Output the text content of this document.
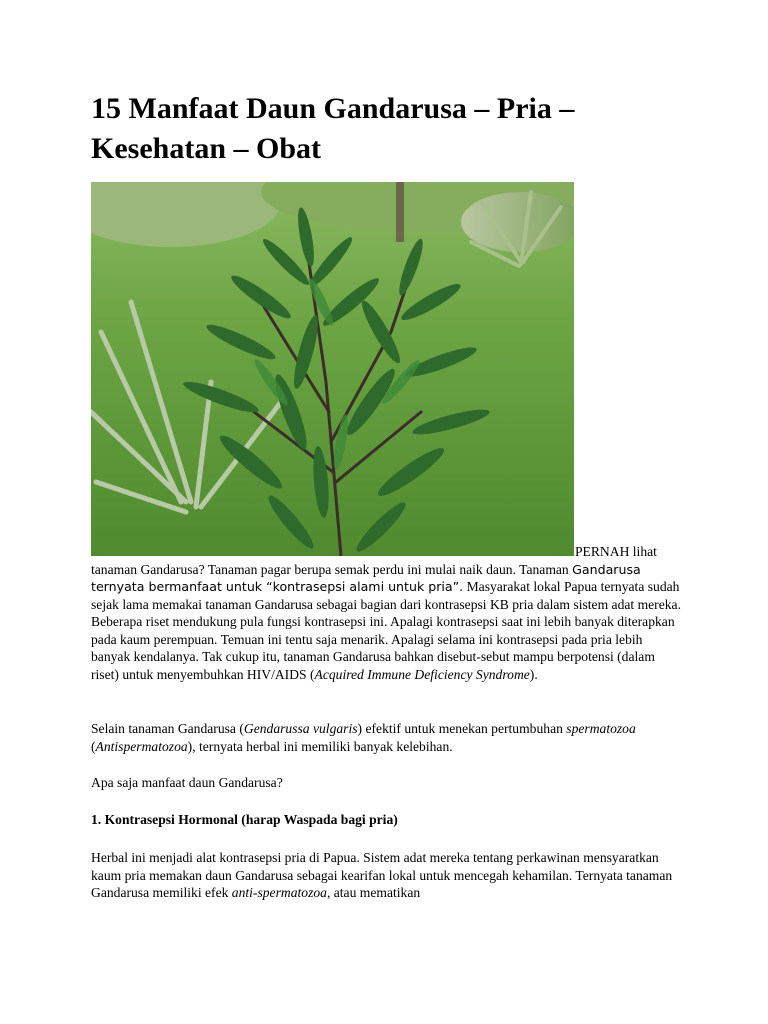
15 Manfaat Daun Gandarusa – Pria – Kesehatan – Obat
PERNAH lihat
tanaman Gandarusa? Tanaman pagar berupa semak perdu ini mulai naik daun. Tanaman Gandarusa ternyata bermanfaat untuk “kontrasepsi alami untuk pria”. Masyarakat lokal Papua ternyata sudah sejak lama memakai tanaman Gandarusa sebagai bagian dari kontrasepsi KB pria dalam sistem adat mereka. Beberapa riset mendukung pula fungsi kontrasepsi ini. Apalagi kontrasepsi saat ini lebih banyak diterapkan pada kaum perempuan. Temuan ini tentu saja menarik. Apalagi selama ini kontrasepsi pada pria lebih banyak kendalanya. Tak cukup itu, tanaman Gandarusa bahkan disebut-sebut mampu berpotensi (dalam riset) untuk menyembuhkan HIV/AIDS (Acquired Immune Deficiency Syndrome).

Selain tanaman Gandarusa (Gendarussa vulgaris) efektif untuk menekan pertumbuhan spermatozoa (Antispermatozoa), ternyata herbal ini memiliki banyak kelebihan.

Apa saja manfaat daun Gandarusa?

1. Kontrasepsi Hormonal (harap Waspada bagi pria)

Herbal ini menjadi alat kontrasepsi pria di Papua. Sistem adat mereka tentang perkawinan mensyaratkan kaum pria memakan daun Gandarusa sebagai kearifan lokal untuk mencegah kehamilan. Ternyata tanaman Gandarusa memiliki efek anti-spermatozoa, atau mematikan
